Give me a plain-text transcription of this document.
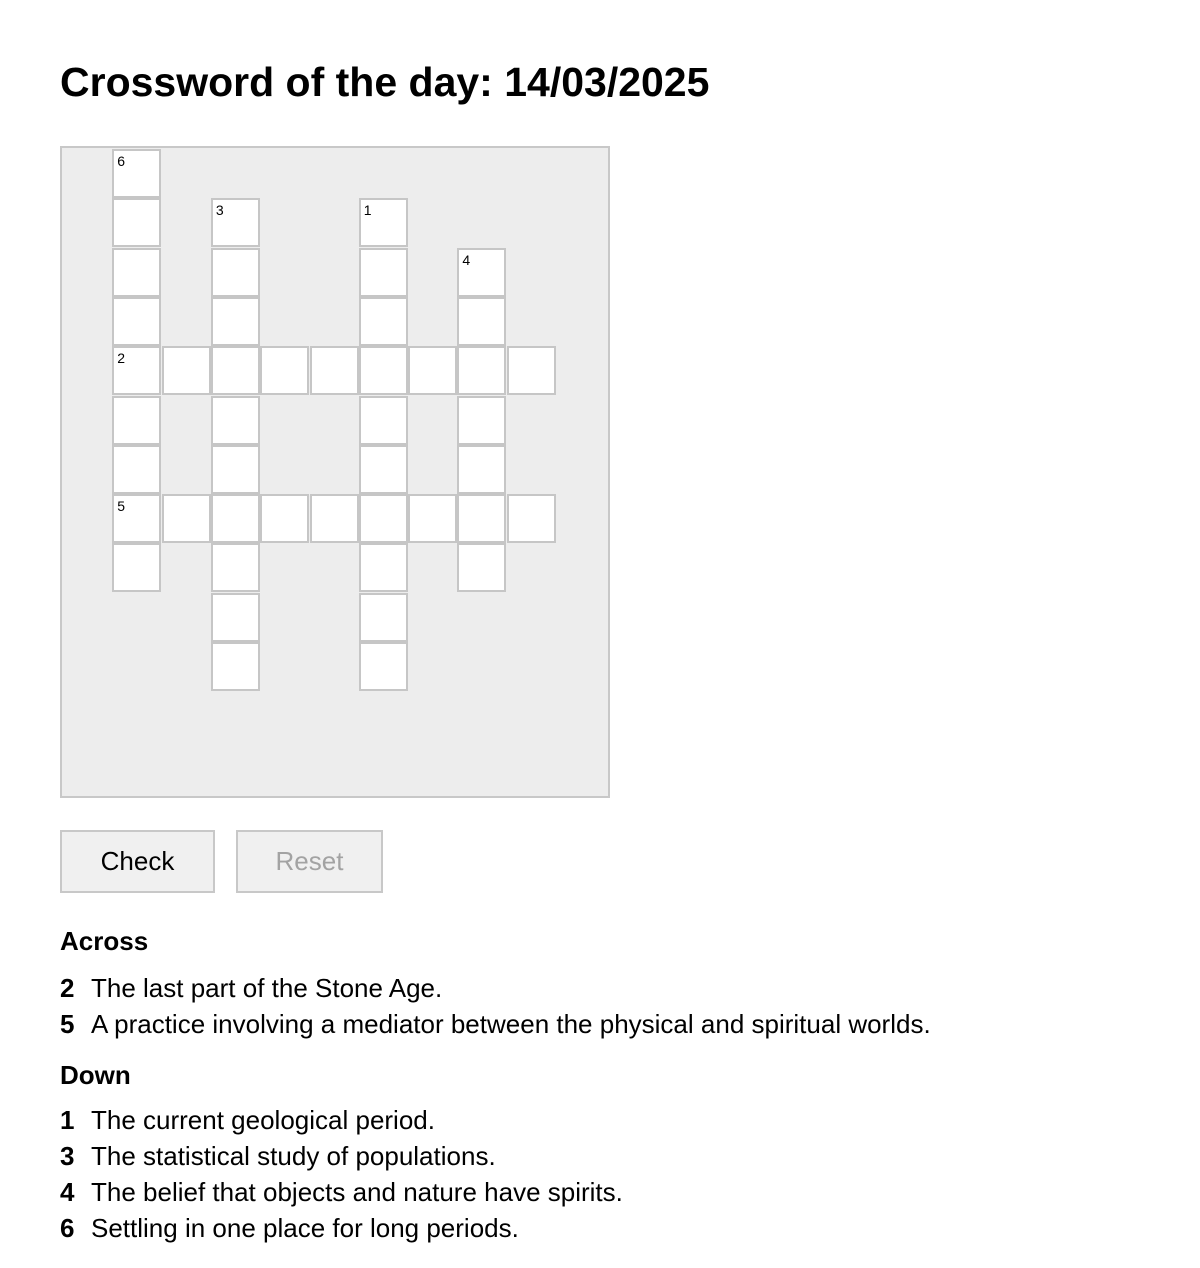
Crossword of the day: 14/03/2025
1
2
3
4
5
6
Check	Reset
Across
2 The last part of the Stone Age.
5 A practice involving a mediator between the physical and spiritual worlds.
Down
1 The current geological period.
3 The statistical study of populations.
4 The belief that objects and nature have spirits.
6 Settling in one place for long periods.
